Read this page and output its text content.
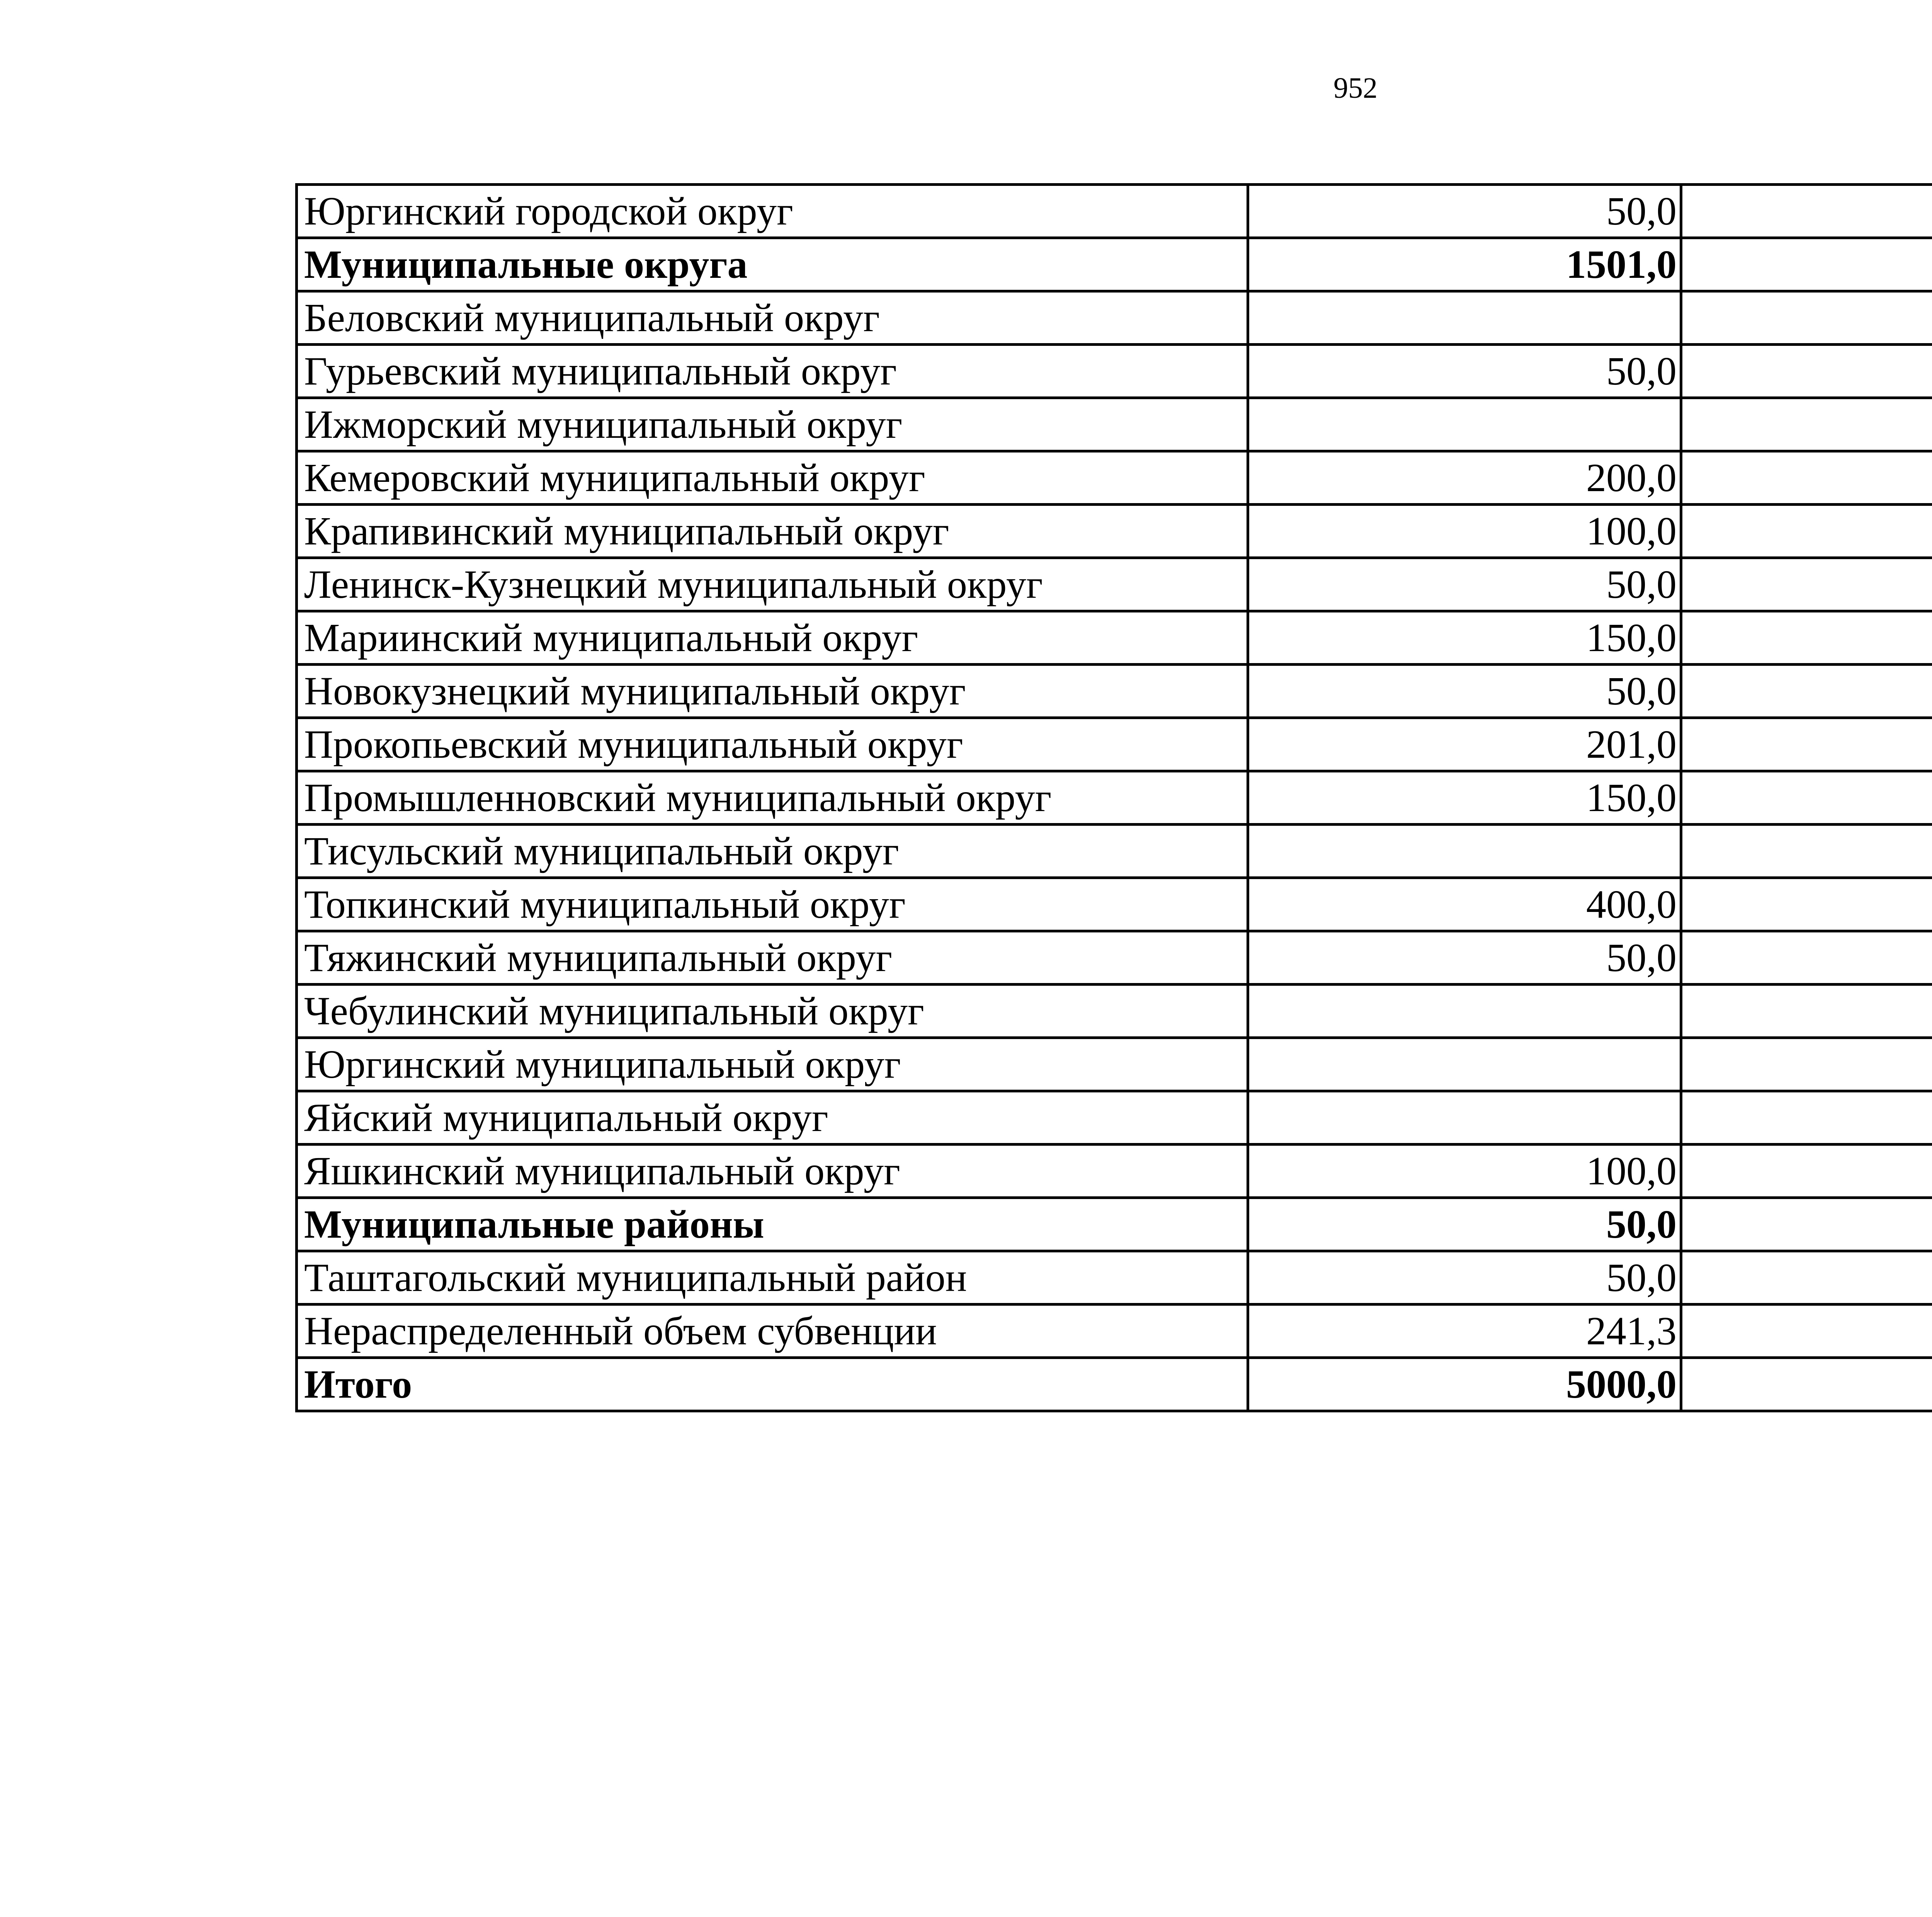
952
Юргинский городской округ	50,0		
Муниципальные округа	1501,0		
Беловский муниципальный округ			
Гурьевский муниципальный округ	50,0		
Ижморский муниципальный округ			
Кемеровский муниципальный округ	200,0		
Крапивинский муниципальный округ	100,0		
Ленинск-Кузнецкий муниципальный округ	50,0		
Мариинский муниципальный округ	150,0		
Новокузнецкий муниципальный округ	50,0		
Прокопьевский муниципальный округ	201,0		
Промышленновский муниципальный округ	150,0		
Тисульский муниципальный округ			
Топкинский муниципальный округ	400,0		
Тяжинский муниципальный округ	50,0		
Чебулинский муниципальный округ			
Юргинский муниципальный округ			
Яйский муниципальный округ			
Яшкинский муниципальный округ	100,0		
Муниципальные районы	50,0		
Таштагольский муниципальный район	50,0		
Нераспределенный объем субвенции	241,3		
Итого	5000,0		
